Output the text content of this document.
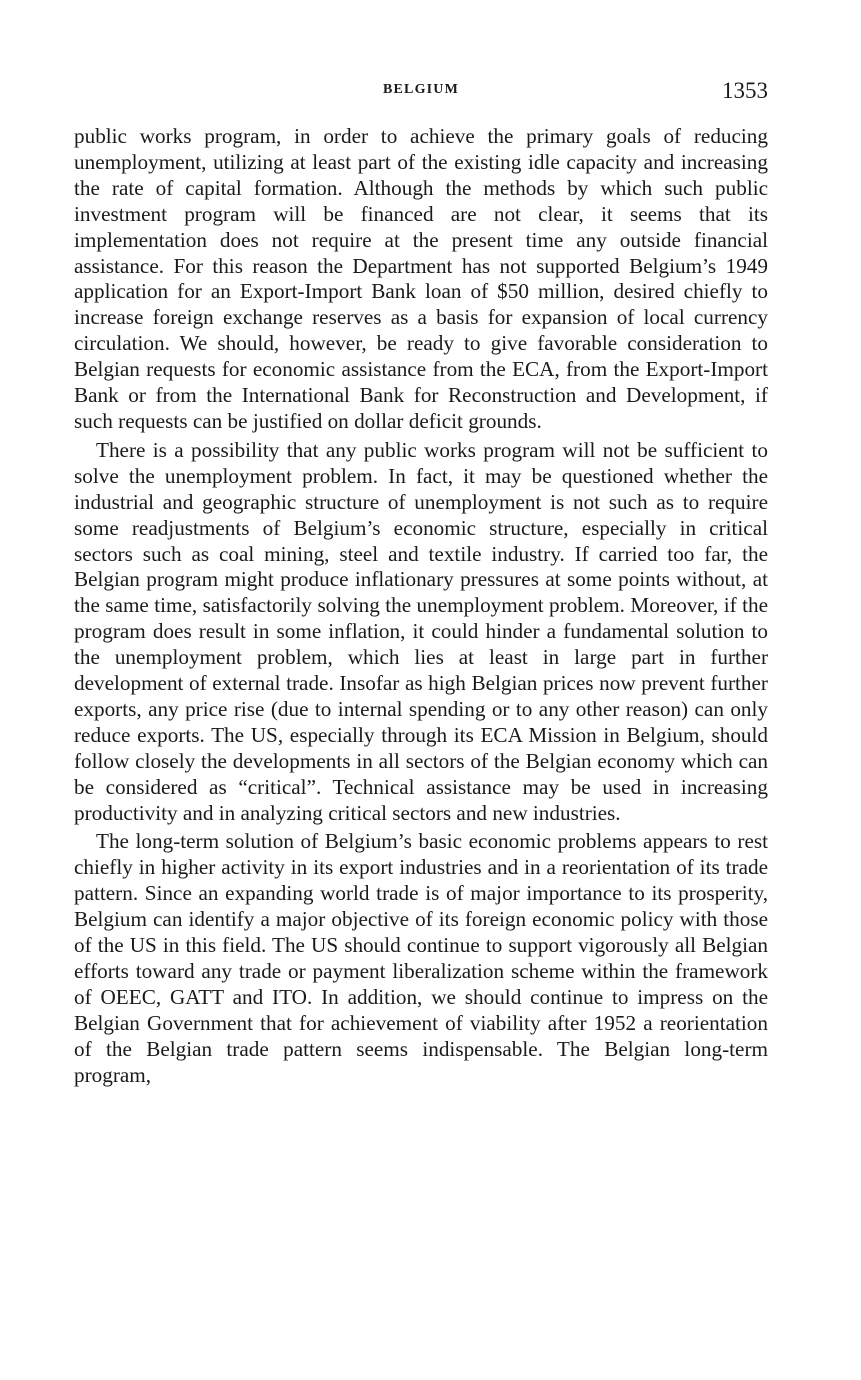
BELGIUM	1353

public works program, in order to achieve the primary goals of reducing unemployment, utilizing at least part of the existing idle capacity and increasing the rate of capital formation. Although the methods by which such public investment program will be financed are not clear, it seems that its implementation does not require at the present time any outside financial assistance. For this reason the Department has not supported Belgium’s 1949 application for an Export-Import Bank loan of $50 million, desired chiefly to increase foreign exchange reserves as a basis for expansion of local currency circulation. We should, however, be ready to give favorable consideration to Belgian requests for economic assistance from the ECA, from the Export-Import Bank or from the International Bank for Reconstruction and Development, if such requests can be justified on dollar deficit grounds.

There is a possibility that any public works program will not be sufficient to solve the unemployment problem. In fact, it may be questioned whether the industrial and geographic structure of unemployment is not such as to require some readjustments of Belgium’s economic structure, especially in critical sectors such as coal mining, steel and textile industry. If carried too far, the Belgian program might produce inflationary pressures at some points without, at the same time, satisfactorily solving the unemployment problem. Moreover, if the program does result in some inflation, it could hinder a fundamental solution to the unemployment problem, which lies at least in large part in further development of external trade. Insofar as high Belgian prices now prevent further exports, any price rise (due to internal spending or to any other reason) can only reduce exports. The US, especially through its ECA Mission in Belgium, should follow closely the developments in all sectors of the Belgian economy which can be considered as “critical”. Technical assistance may be used in increasing productivity and in analyzing critical sectors and new industries.

The long-term solution of Belgium’s basic economic problems appears to rest chiefly in higher activity in its export industries and in a reorientation of its trade pattern. Since an expanding world trade is of major importance to its prosperity, Belgium can identify a major objective of its foreign economic policy with those of the US in this field. The US should continue to support vigorously all Belgian efforts toward any trade or payment liberalization scheme within the framework of OEEC, GATT and ITO. In addition, we should continue to impress on the Belgian Government that for achievement of viability after 1952 a reorientation of the Belgian trade pattern seems indispensable. The Belgian long-term program,
